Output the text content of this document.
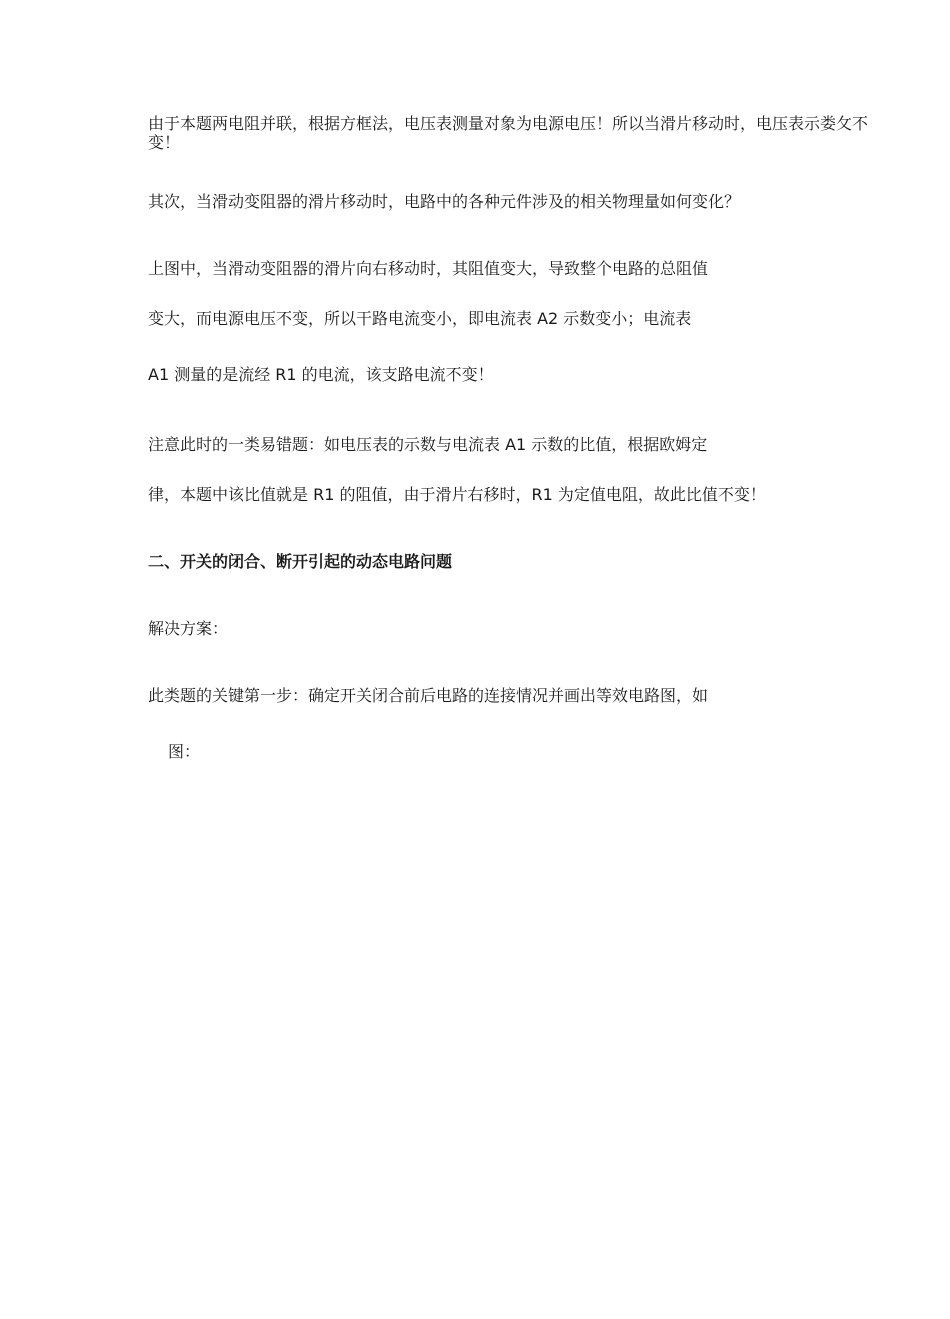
由于本题两电阻并联，根据方框法，电压表测量对象为电源电压！所以当滑片移动时，电压表示娄攵不变！

其次，当滑动变阻器的滑片移动时，电路中的各种元件涉及的相关物理量如何变化？

上图中，当滑动变阻器的滑片向右移动时，其阻值变大，导致整个电路的总阻值

变大，而电源电压不变，所以干路电流变小，即电流表 A2 示数变小；电流表

A1 测量的是流经 R1 的电流，该支路电流不变！

注意此时的一类易错题：如电压表的示数与电流表 A1 示数的比值，根据欧姆定

律，本题中该比值就是 R1 的阻值，由于滑片右移时，R1 为定值电阻，故此比值不变！

二、开关的闭合、断开引起的动态电路问题

解决方案：

此类题的关键第一步：确定开关闭合前后电路的连接情况并画出等效电路图，如

图：
